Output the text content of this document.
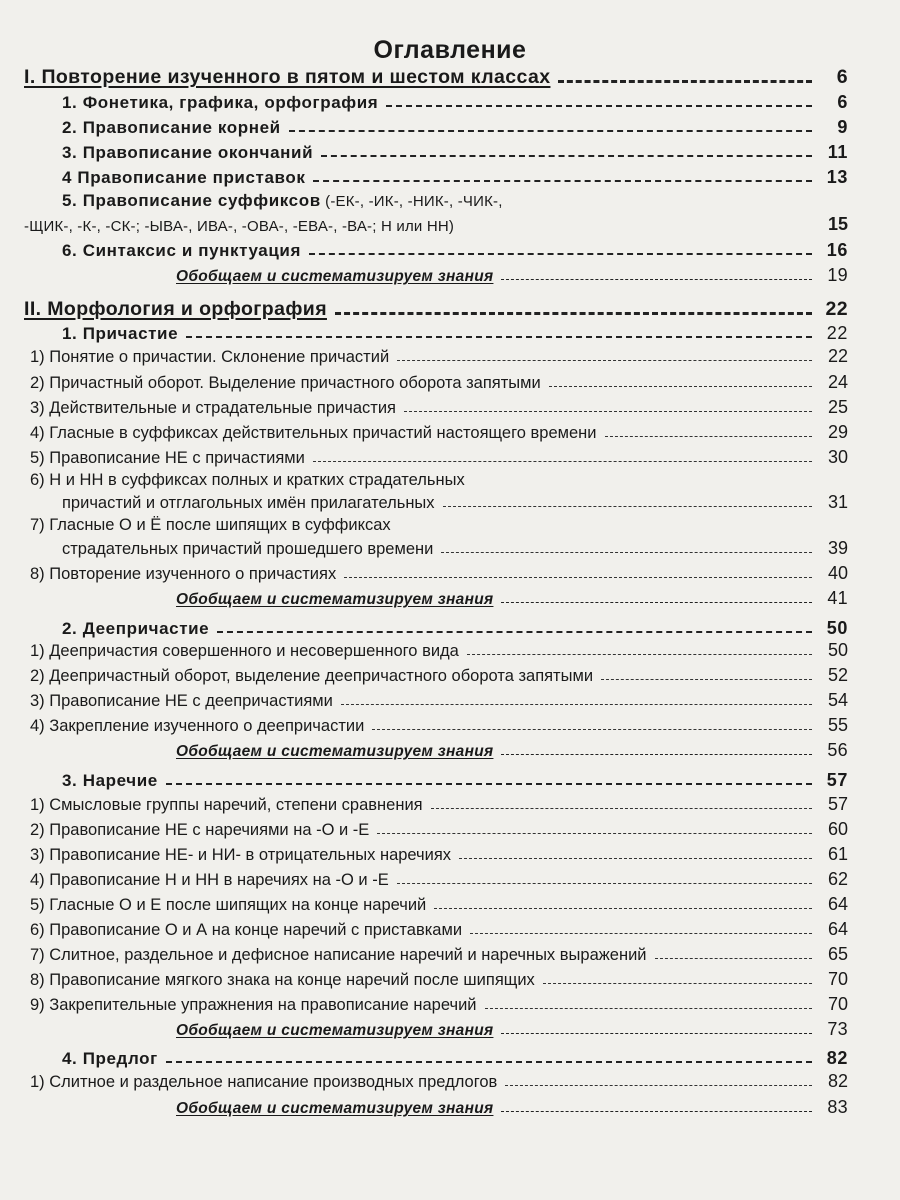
Оглавление
I. Повторение изученного в пятом и шестом классах	6
1. Фонетика, графика, орфография	6
2. Правописание корней	9
3. Правописание окончаний	11
4 Правописание приставок	13
5. Правописание суффиксов (-ЕК-, -ИК-, -НИК-, -ЧИК-,
-ЩИК-, -К-, -СК-; -ЫВА-, ИВА-, -ОВА-, -ЕВА-, -ВА-; Н или НН)	15
6. Синтаксис и пунктуация	16
Обобщаем и систематизируем знания	19
II. Морфология и орфография	22
1. Причастие	22
1) Понятие о причастии. Склонение причастий	22
2) Причастный оборот. Выделение причастного оборота запятыми	24
3) Действительные и страдательные причастия	25
4) Гласные в суффиксах действительных причастий настоящего времени	29
5) Правописание НЕ с причастиями	30
6) Н и НН в суффиксах полных и кратких страдательных
причастий и отглагольных имён прилагательных	31
7) Гласные О и Ё после шипящих в суффиксах
страдательных причастий прошедшего времени	39
8) Повторение изученного о причастиях	40
Обобщаем и систематизируем знания	41
2. Деепричастие	50
1) Деепричастия совершенного и несовершенного вида	50
2) Деепричастный оборот, выделение деепричастного оборота запятыми	52
3) Правописание НЕ с деепричастиями	54
4) Закрепление изученного о деепричастии	55
Обобщаем и систематизируем знания	56
3. Наречие	57
1) Смысловые группы наречий, степени сравнения	57
2) Правописание НЕ с наречиями на -О и -Е	60
3) Правописание НЕ- и НИ- в отрицательных наречиях	61
4) Правописание Н и НН в наречиях на -О и -Е	62
5) Гласные О и Е после шипящих на конце наречий	64
6) Правописание О и А на конце наречий с приставками	64
7) Слитное, раздельное и дефисное написание наречий и наречных выражений	65
8) Правописание мягкого знака на конце наречий после шипящих	70
9) Закрепительные упражнения на правописание наречий	70
Обобщаем и систематизируем знания	73
4. Предлог	82
1) Слитное и раздельное написание производных предлогов	82
Обобщаем и систематизируем знания	83
